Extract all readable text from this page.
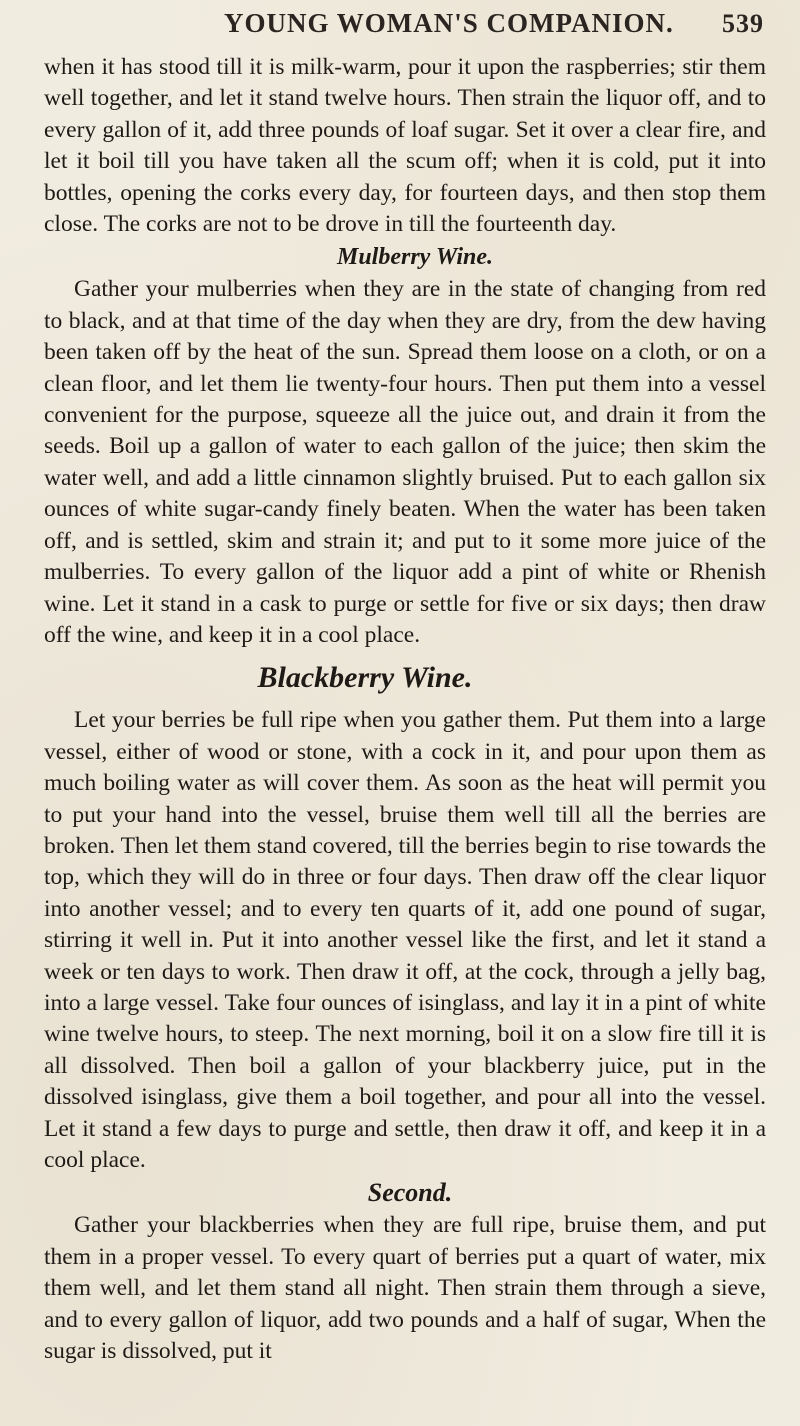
YOUNG WOMAN'S COMPANION. 539

when it has stood till it is milk-warm, pour it upon the raspberries; stir them well together, and let it stand twelve hours. Then strain the liquor off, and to every gallon of it, add three pounds of loaf sugar. Set it over a clear fire, and let it boil till you have taken all the scum off; when it is cold, put it into bottles, opening the corks every day, for fourteen days, and then stop them close. The corks are not to be drove in till the fourteenth day.

Mulberry Wine.

Gather your mulberries when they are in the state of changing from red to black, and at that time of the day when they are dry, from the dew having been taken off by the heat of the sun. Spread them loose on a cloth, or on a clean floor, and let them lie twenty-four hours. Then put them into a vessel convenient for the purpose, squeeze all the juice out, and drain it from the seeds. Boil up a gallon of water to each gallon of the juice; then skim the water well, and add a little cinnamon slightly bruised. Put to each gallon six ounces of white sugar-candy finely beaten. When the water has been taken off, and is settled, skim and strain it; and put to it some more juice of the mulberries. To every gallon of the liquor add a pint of white or Rhenish wine. Let it stand in a cask to purge or settle for five or six days; then draw off the wine, and keep it in a cool place.

Blackberry Wine.

Let your berries be full ripe when you gather them. Put them into a large vessel, either of wood or stone, with a cock in it, and pour upon them as much boiling water as will cover them. As soon as the heat will permit you to put your hand into the vessel, bruise them well till all the berries are broken. Then let them stand covered, till the berries begin to rise towards the top, which they will do in three or four days. Then draw off the clear liquor into another vessel; and to every ten quarts of it, add one pound of sugar, stirring it well in. Put it into another vessel like the first, and let it stand a week or ten days to work. Then draw it off, at the cock, through a jelly bag, into a large vessel. Take four ounces of isinglass, and lay it in a pint of white wine twelve hours, to steep. The next morning, boil it on a slow fire till it is all dissolved. Then boil a gallon of your blackberry juice, put in the dissolved isinglass, give them a boil together, and pour all into the vessel. Let it stand a few days to purge and settle, then draw it off, and keep it in a cool place.

Second.

Gather your blackberries when they are full ripe, bruise them, and put them in a proper vessel. To every quart of berries put a quart of water, mix them well, and let them stand all night. Then strain them through a sieve, and to every gallon of liquor, add two pounds and a half of sugar, When the sugar is dissolved, put it
